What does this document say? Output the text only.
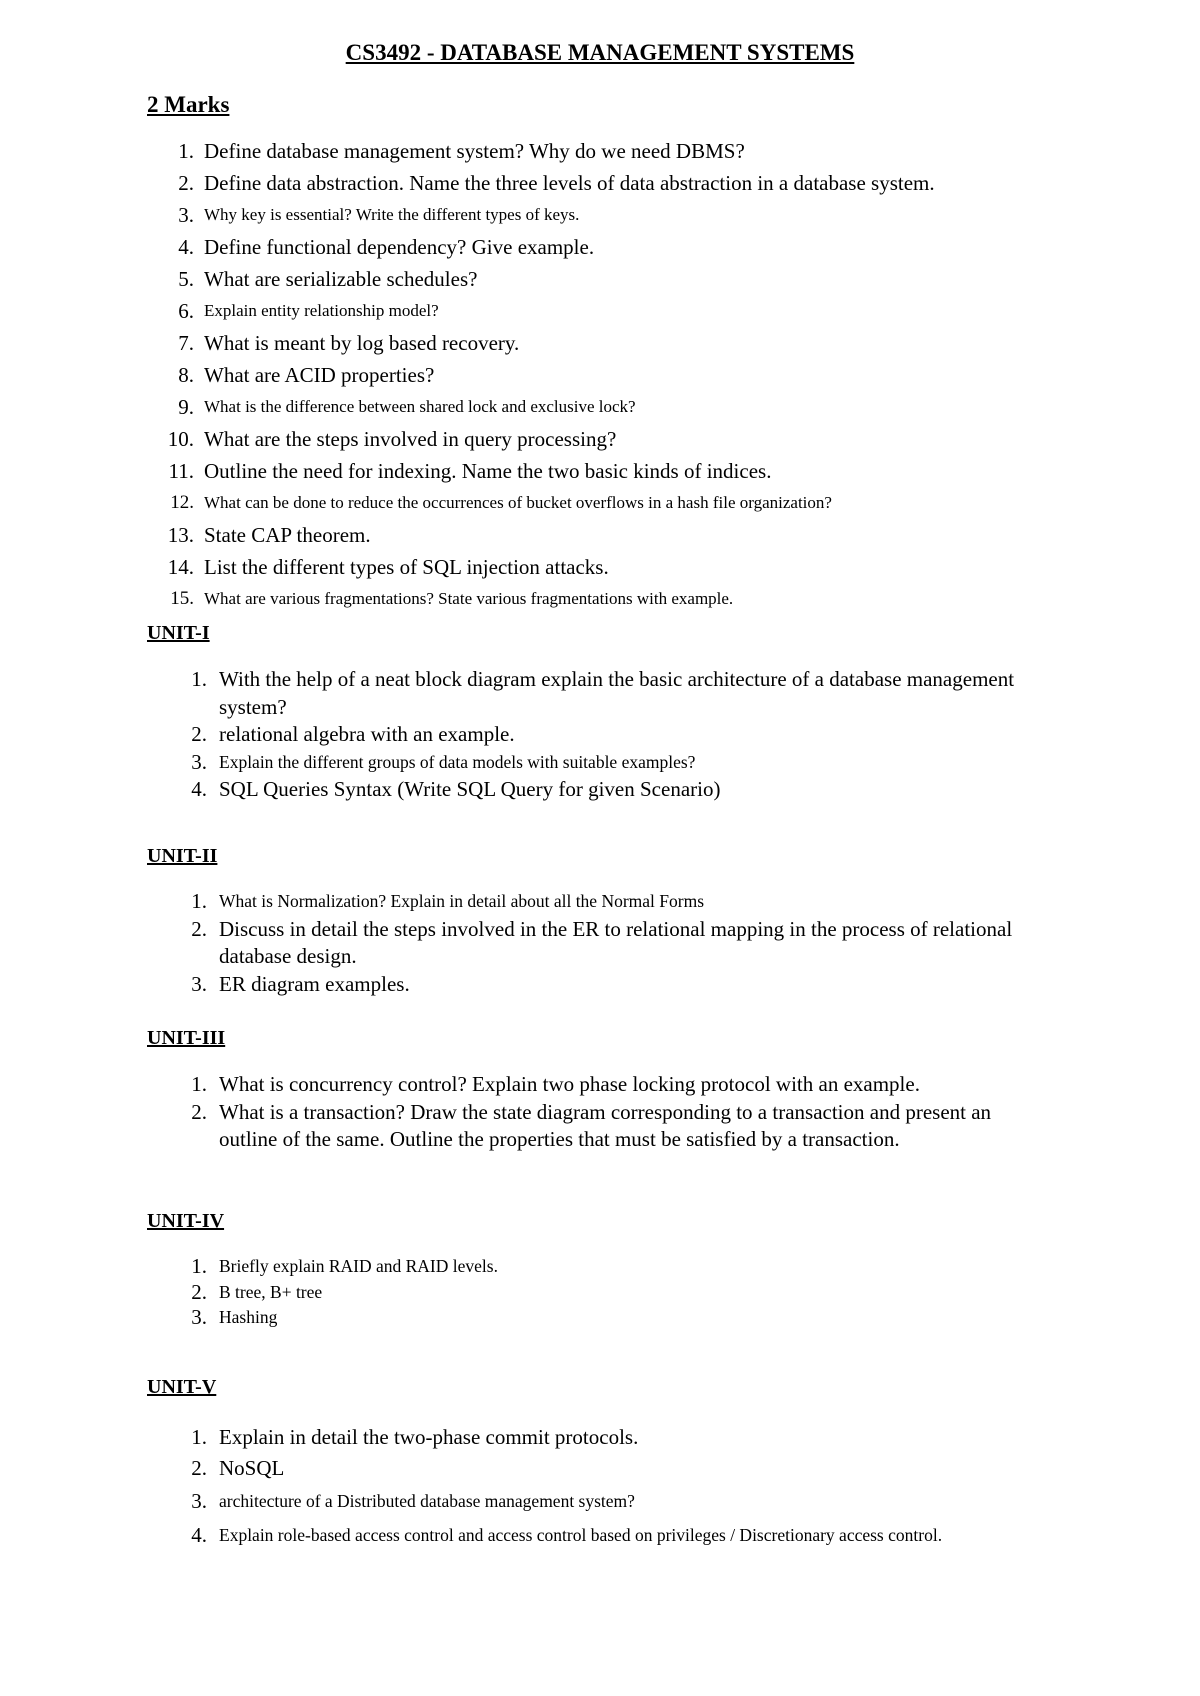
CS3492 - DATABASE MANAGEMENT SYSTEMS
2 Marks
1. Define database management system? Why do we need DBMS?
2. Define data abstraction. Name the three levels of data abstraction in a database system.
3. Why key is essential? Write the different types of keys.
4. Define functional dependency? Give example.
5. What are serializable schedules?
6. Explain entity relationship model?
7. What is meant by log based recovery.
8. What are ACID properties?
9. What is the difference between shared lock and exclusive lock?
10. What are the steps involved in query processing?
11. Outline the need for indexing. Name the two basic kinds of indices.
12. What can be done to reduce the occurrences of bucket overflows in a hash file organization?
13. State CAP theorem.
14. List the different types of SQL injection attacks.
15. What are various fragmentations? State various fragmentations with example.
UNIT-I
1. With the help of a neat block diagram explain the basic architecture of a database management system?
2. relational algebra with an example.
3. Explain the different groups of data models with suitable examples?
4. SQL Queries Syntax (Write SQL Query for given Scenario)
UNIT-II
1. What is Normalization? Explain in detail about all the Normal Forms
2. Discuss in detail the steps involved in the ER to relational mapping in the process of relational database design.
3. ER diagram examples.
UNIT-III
1. What is concurrency control? Explain two phase locking protocol with an example.
2. What is a transaction? Draw the state diagram corresponding to a transaction and present an outline of the same. Outline the properties that must be satisfied by a transaction.
UNIT-IV
1. Briefly explain RAID and RAID levels.
2. B tree, B+ tree
3. Hashing
UNIT-V
1. Explain in detail the two-phase commit protocols.
2. NoSQL
3. architecture of a Distributed database management system?
4. Explain role-based access control and access control based on privileges / Discretionary access control.
